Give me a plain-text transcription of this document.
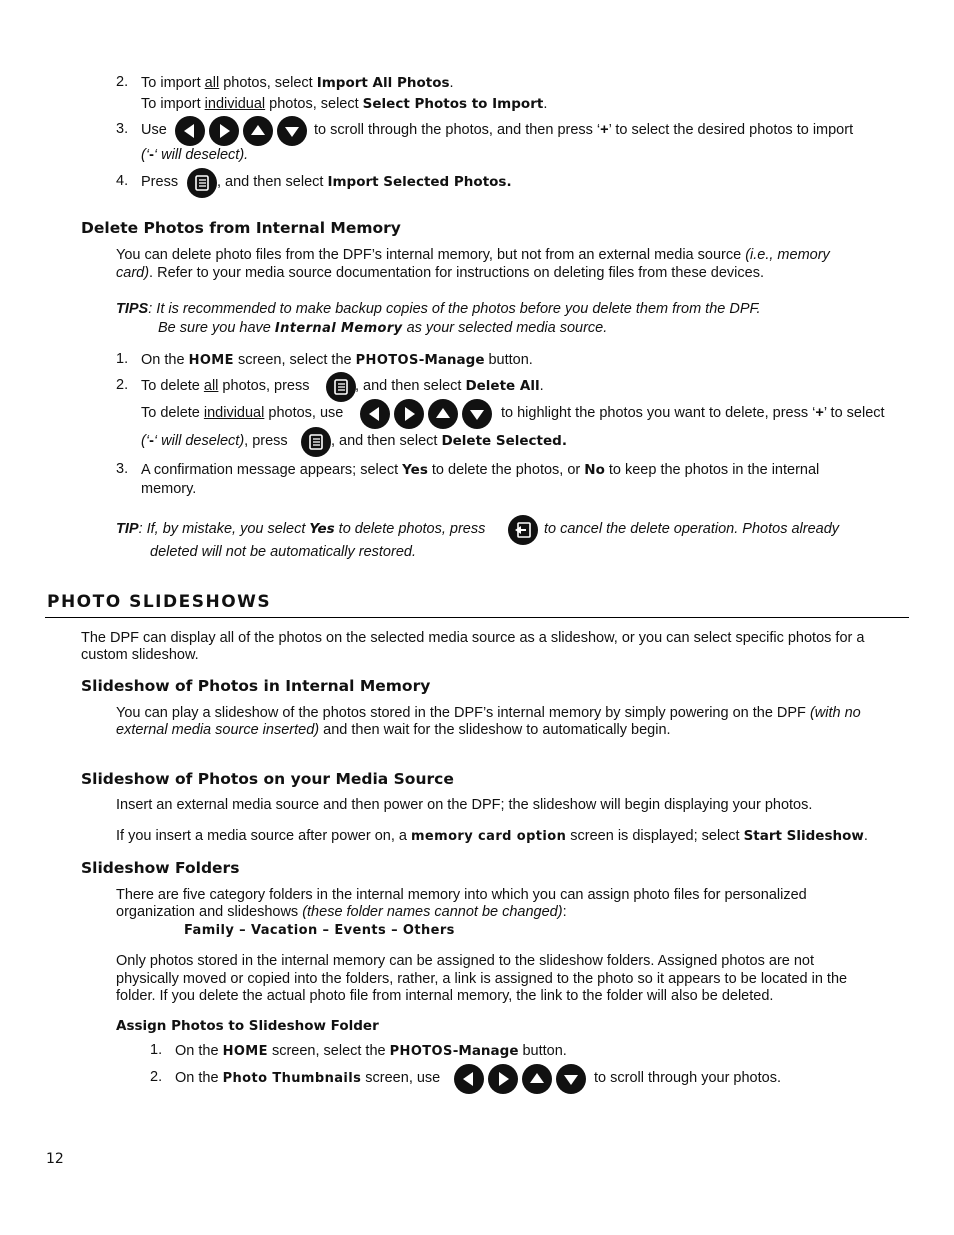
2. To import all photos, select Import All Photos.
To import individual photos, select Select Photos to Import.
3. Use	to scroll through the photos, and then press ‘+’ to select the desired photos to import
(‘-‘ will deselect).
4. Press	, and then select Import Selected Photos.
Delete Photos from Internal Memory
You can delete photo files from the DPF’s internal memory, but not from an external media source (i.e., memory
card). Refer to your media source documentation for instructions on deleting files from these devices.
TIPS: It is recommended to make backup copies of the photos before you delete them from the DPF.
Be sure you have Internal Memory as your selected media source.
1. On the HOME screen, select the PHOTOS-Manage button.
2. To delete all photos, press	, and then select Delete All.
To delete individual photos, use	to highlight the photos you want to delete, press ‘+’ to select
(‘-‘ will deselect), press	, and then select Delete Selected.
3. A confirmation message appears; select Yes to delete the photos, or No to keep the photos in the internal
memory.
TIP: If, by mistake, you select Yes to delete photos, press	to cancel the delete operation. Photos already
deleted will not be automatically restored.
PHOTO SLIDESHOWS
The DPF can display all of the photos on the selected media source as a slideshow, or you can select specific photos for a
custom slideshow.
Slideshow of Photos in Internal Memory
You can play a slideshow of the photos stored in the DPF’s internal memory by simply powering on the DPF (with no
external media source inserted) and then wait for the slideshow to automatically begin.
Slideshow of Photos on your Media Source
Insert an external media source and then power on the DPF; the slideshow will begin displaying your photos.
If you insert a media source after power on, a memory card option screen is displayed; select Start Slideshow.
Slideshow Folders
There are five category folders in the internal memory into which you can assign photo files for personalized
organization and slideshows (these folder names cannot be changed):
Family – Vacation – Events – Others
Only photos stored in the internal memory can be assigned to the slideshow folders. Assigned photos are not
physically moved or copied into the folders, rather, a link is assigned to the photo so it appears to be located in the
folder. If you delete the actual photo file from internal memory, the link to the folder will also be deleted.
Assign Photos to Slideshow Folder
1. On the HOME screen, select the PHOTOS-Manage button.
2. On the Photo Thumbnails screen, use	to scroll through your photos.
12
